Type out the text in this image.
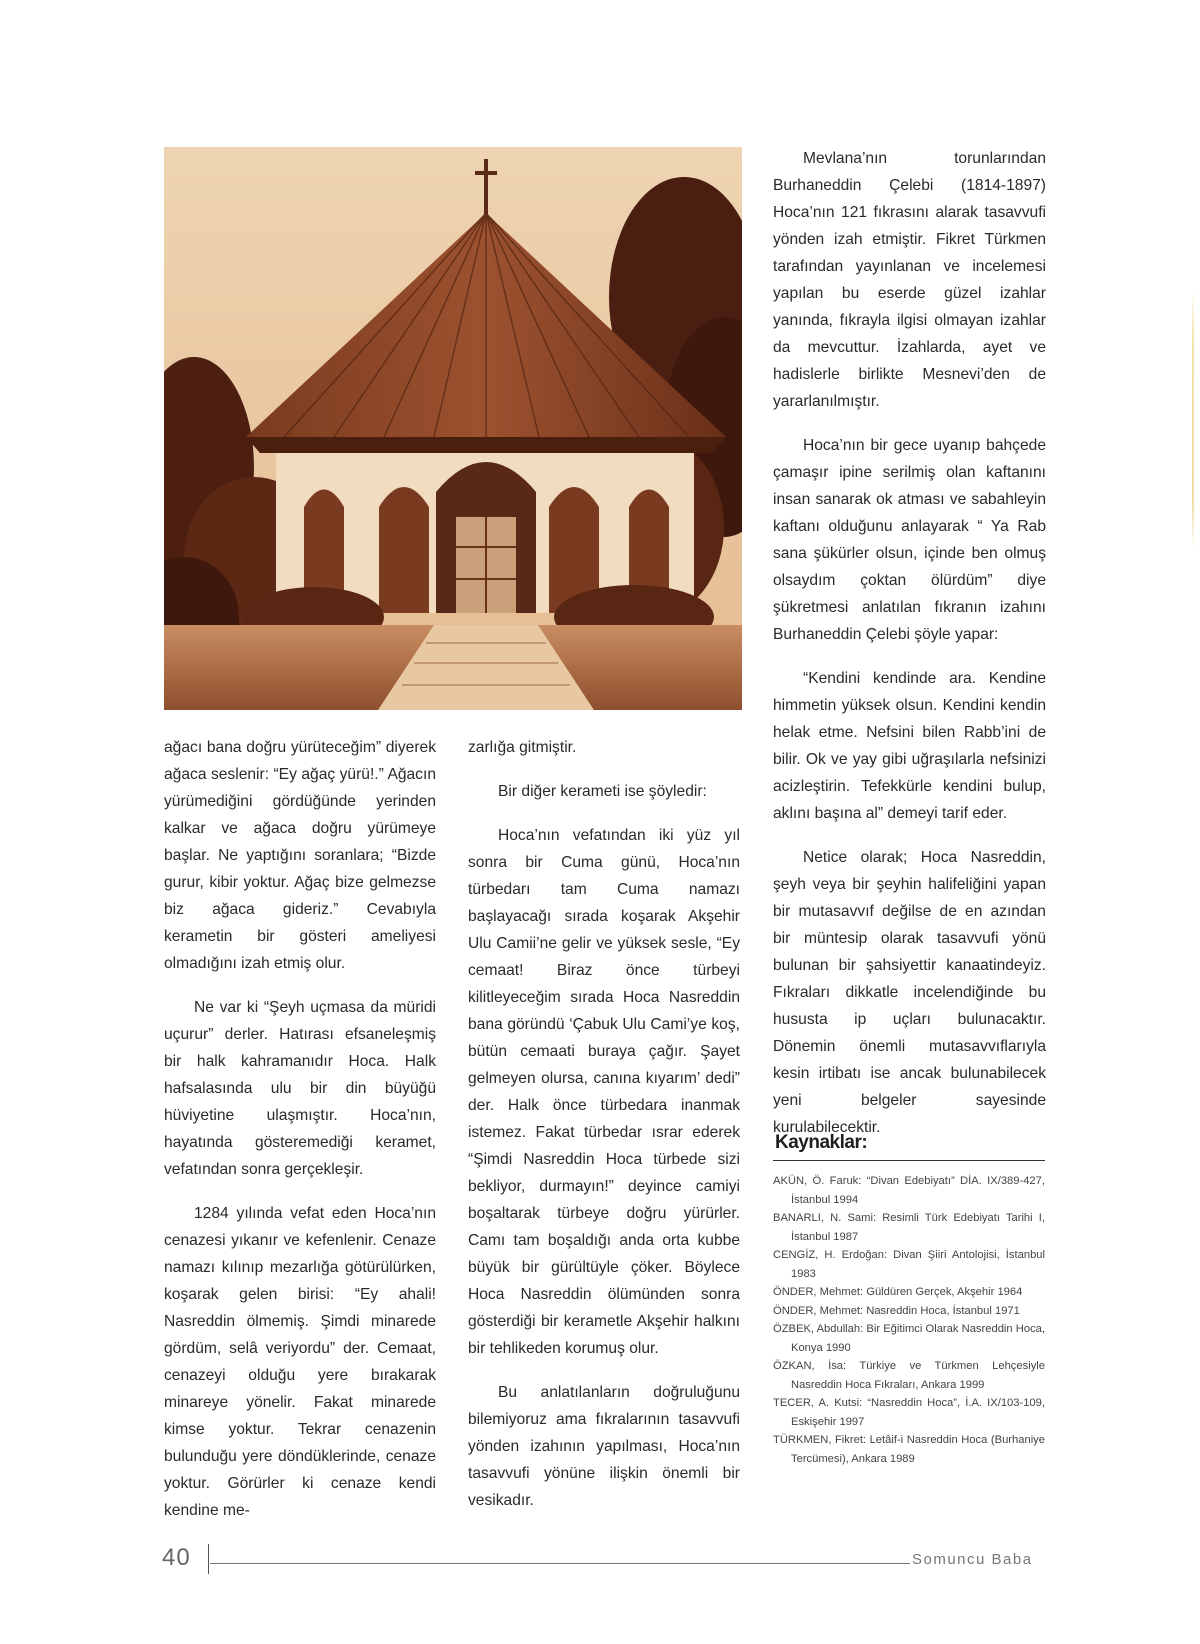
ağacı bana doğru yürüteceğim” diyerek ağaca seslenir: “Ey ağaç yürü!.” Ağacın yürümediğini gördüğünde yerinden kalkar ve ağaca doğru yürümeye başlar. Ne yaptığını soranlara; “Bizde gurur, kibir yoktur. Ağaç bize gelmezse biz ağaca gideriz.” Cevabıyla kerametin bir gösteri ameliyesi olmadığını izah etmiş olur.

Ne var ki “Şeyh uçmasa da müridi uçurur” derler. Hatırası efsaneleşmiş bir halk kahramanıdır Hoca. Halk hafsalasında ulu bir din büyüğü hüviyetine ulaşmıştır. Hoca’nın, hayatında gösteremediği keramet, vefatından sonra gerçekleşir.

1284 yılında vefat eden Hoca’nın cenazesi yıkanır ve kefenlenir. Cenaze namazı kılınıp mezarlığa götürülürken, koşarak gelen birisi: “Ey ahali! Nasreddin ölmemiş. Şimdi minarede gördüm, selâ veriyordu” der. Cemaat, cenazeyi olduğu yere bırakarak minareye yönelir. Fakat minarede kimse yoktur. Tekrar cenazenin bulunduğu yere döndüklerinde, cenaze yoktur. Görürler ki cenaze kendi kendine me-

zarlığa gitmiştir.

Bir diğer kerameti ise şöyledir:

Hoca’nın vefatından iki yüz yıl sonra bir Cuma günü, Hoca’nın türbedarı tam Cuma namazı başlayacağı sırada koşarak Akşehir Ulu Camii’ne gelir ve yüksek sesle, “Ey cemaat! Biraz önce türbeyi kilitleyeceğim sırada Hoca Nasreddin bana göründü ‘Çabuk Ulu Cami’ye koş, bütün cemaati buraya çağır. Şayet gelmeyen olursa, canına kıyarım’ dedi” der. Halk önce türbedara inanmak istemez. Fakat türbedar ısrar ederek “Şimdi Nasreddin Hoca türbede sizi bekliyor, durmayın!” deyince camiyi boşaltarak türbeye doğru yürürler. Camı tam boşaldığı anda orta kubbe büyük bir gürültüyle çöker. Böylece Hoca Nasreddin ölümünden sonra gösterdiği bir kerametle Akşehir halkını bir tehlikeden korumuş olur.

Bu anlatılanların doğruluğunu bilemiyoruz ama fıkralarının tasavvufi yönden izahının yapılması, Hoca’nın tasavvufi yönüne ilişkin önemli bir vesikadır.

Mevlana’nın torunlarından Burhaneddin Çelebi (1814-1897) Hoca’nın 121 fıkrasını alarak tasavvufi yönden izah etmiştir. Fikret Türkmen tarafından yayınlanan ve incelemesi yapılan bu eserde güzel izahlar yanında, fıkrayla ilgisi olmayan izahlar da mevcuttur. İzahlarda, ayet ve hadislerle birlikte Mesnevi’den de yararlanılmıştır.

Hoca’nın bir gece uyanıp bahçede çamaşır ipine serilmiş olan kaftanını insan sanarak ok atması ve sabahleyin kaftanı olduğunu anlayarak “ Ya Rab sana şükürler olsun, içinde ben olmuş olsaydım çoktan ölürdüm” diye şükretmesi anlatılan fıkranın izahını Burhaneddin Çelebi şöyle yapar:

“Kendini kendinde ara. Kendine himmetin yüksek olsun. Kendini kendin helak etme. Nefsini bilen Rabb’ini de bilir. Ok ve yay gibi uğraşılarla nefsinizi acizleştirin. Tefekkürle kendini bulup, aklını başına al” demeyi tarif eder.

Netice olarak; Hoca Nasreddin, şeyh veya bir şeyhin halifeliğini yapan bir mutasavvıf değilse de en azından bir müntesip olarak tasavvufi yönü bulunan bir şahsiyettir kanaatindeyiz. Fıkraları dikkatle incelendiğinde bu hususta ip uçları bulunacaktır. Dönemin önemli mutasavvıflarıyla kesin irtibatı ise ancak bulunabilecek yeni belgeler sayesinde kurulabilecektir.

Kaynaklar:
AKÜN, Ö. Faruk: “Divan Edebiyatı” DİA. IX/389-427, İstanbul 1994
BANARLI, N. Sami: Resimli Türk Edebiyatı Tarihi I, İstanbul 1987
CENGİZ, H. Erdoğan: Divan Şiiri Antolojisi, İstanbul 1983
ÖNDER, Mehmet: Güldüren Gerçek, Akşehir 1964
ÖNDER, Mehmet: Nasreddin Hoca, İstanbul 1971
ÖZBEK, Abdullah: Bir Eğitimci Olarak Nasreddin Hoca, Konya 1990
ÖZKAN, İsa: Türkiye ve Türkmen Lehçesiyle Nasreddin Hoca Fıkraları, Ankara 1999
TECER, A. Kutsi: “Nasreddin Hoca”, İ.A. IX/103-109, Eskişehir 1997
TÜRKMEN, Fikret: Letâif-i Nasreddin Hoca (Burhaniye Tercümesi), Ankara 1989
40	Somuncu Baba
